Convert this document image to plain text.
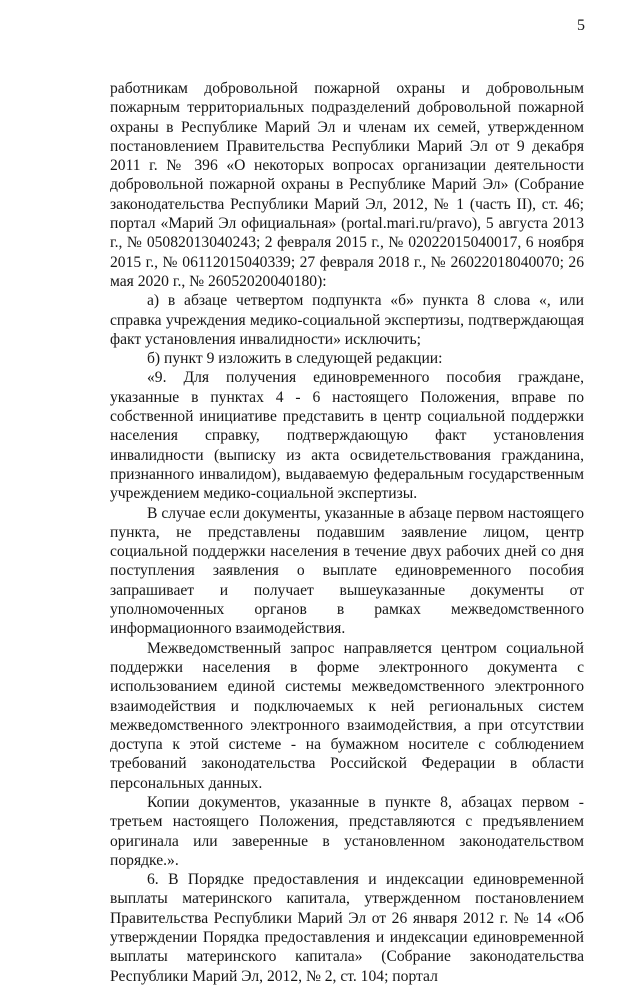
5

работникам добровольной пожарной охраны и добровольным пожарным территориальных подразделений добровольной пожарной охраны в Республике Марий Эл и членам их семей, утвержденном постановлением Правительства Республики Марий Эл от 9 декабря 2011 г. № 396 «О некоторых вопросах организации деятельности добровольной пожарной охраны в Республике Марий Эл» (Собрание законодательства Республики Марий Эл, 2012, № 1 (часть II), ст. 46; портал «Марий Эл официальная» (portal.mari.ru/pravo), 5 августа 2013 г., № 05082013040243; 2 февраля 2015 г., № 02022015040017, 6 ноября 2015 г., № 06112015040339; 27 февраля 2018 г., № 26022018040070; 26 мая 2020 г., № 26052020040180):

а) в абзаце четвертом подпункта «б» пункта 8 слова «, или справка учреждения медико-социальной экспертизы, подтверждающая факт установления инвалидности» исключить;

б) пункт 9 изложить в следующей редакции:

«9. Для получения единовременного пособия граждане, указанные в пунктах 4 - 6 настоящего Положения, вправе по собственной инициативе представить в центр социальной поддержки населения справку, подтверждающую факт установления инвалидности (выписку из акта освидетельствования гражданина, признанного инвалидом), выдаваемую федеральным государственным учреждением медико-социальной экспертизы.

В случае если документы, указанные в абзаце первом настоящего пункта, не представлены подавшим заявление лицом, центр социальной поддержки населения в течение двух рабочих дней со дня поступления заявления о выплате единовременного пособия запрашивает и получает вышеуказанные документы от уполномоченных органов в рамках межведомственного информационного взаимодействия.

Межведомственный запрос направляется центром социальной поддержки населения в форме электронного документа с использованием единой системы межведомственного электронного взаимодействия и подключаемых к ней региональных систем межведомственного электронного взаимодействия, а при отсутствии доступа к этой системе - на бумажном носителе с соблюдением требований законодательства Российской Федерации в области персональных данных.

Копии документов, указанные в пункте 8, абзацах первом - третьем настоящего Положения, представляются с предъявлением оригинала или заверенные в установленном законодательством порядке.».

6. В Порядке предоставления и индексации единовременной выплаты материнского капитала, утвержденном постановлением Правительства Республики Марий Эл от 26 января 2012 г. № 14 «Об утверждении Порядка предоставления и индексации единовременной выплаты материнского капитала» (Собрание законодательства Республики Марий Эл, 2012, № 2, ст. 104; портал
